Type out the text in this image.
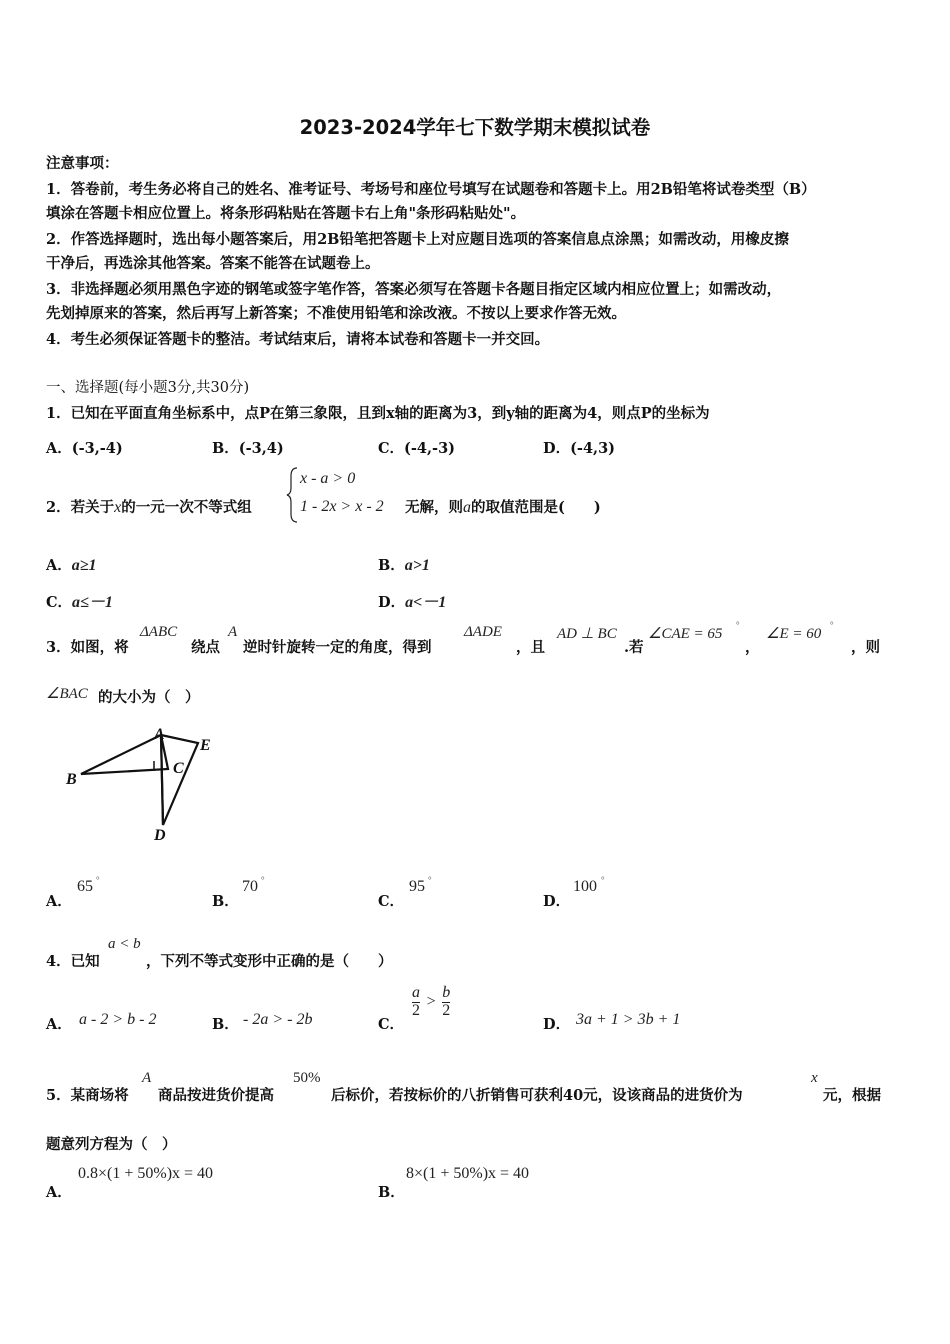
2023-2024学年七下数学期末模拟试卷
注意事项：
1．答卷前，考生务必将自己的姓名、准考证号、考场号和座位号填写在试题卷和答题卡上。用2B铅笔将试卷类型（B）
填涂在答题卡相应位置上。将条形码粘贴在答题卡右上角"条形码粘贴处"。
2．作答选择题时，选出每小题答案后，用2B铅笔把答题卡上对应题目选项的答案信息点涂黑；如需改动，用橡皮擦
干净后，再选涂其他答案。答案不能答在试题卷上。
3．非选择题必须用黑色字迹的钢笔或签字笔作答，答案必须写在答题卡各题目指定区域内相应位置上；如需改动，
先划掉原来的答案，然后再写上新答案；不准使用铅笔和涂改液。不按以上要求作答无效。
4．考生必须保证答题卡的整洁。考试结束后，请将本试卷和答题卡一并交回。
一、选择题(每小题3分,共30分)
1．已知在平面直角坐标系中，点P在第三象限，且到x轴的距离为3，到y轴的距离为4，则点P的坐标为
A．(-3,-4)	B．(-3,4)	C．(-4,-3)	D．(-4,3)
2．若关于x的一元一次不等式组
x - a > 0
1 - 2x > x - 2 无解，则a的取值范围是(　　)
A．a≥1	B．a>1
C．a≤－1	D．a<－1
3．如图，将
ΔABC
绕点
A
逆时针旋转一定的角度，得到
ΔADE
，且
AD ⊥ BC
.若
∠CAE = 65
°
，
∠E = 60
°
，则
∠BAC 的大小为（　）
A
B
C
D
E
A．
65 °
B．
70 °
C．
95 °
D．
100 °
4．已知
a < b
，下列不等式变形中正确的是（　　）
A． a - 2 > b - 2	B． - 2a > - 2b	C．
$\frac{a}{2} > \frac{b}{2}$
D． 3a + 1 > 3b + 1
5．某商场将
A
商品按进货价提高
50%
后标价，若按标价的八折销售可获利40元，设该商品的进货价为
x
元，根据
题意列方程为（　）
A．
0.8×(1 + 50%)x = 40
B．
8×(1 + 50%)x = 40
